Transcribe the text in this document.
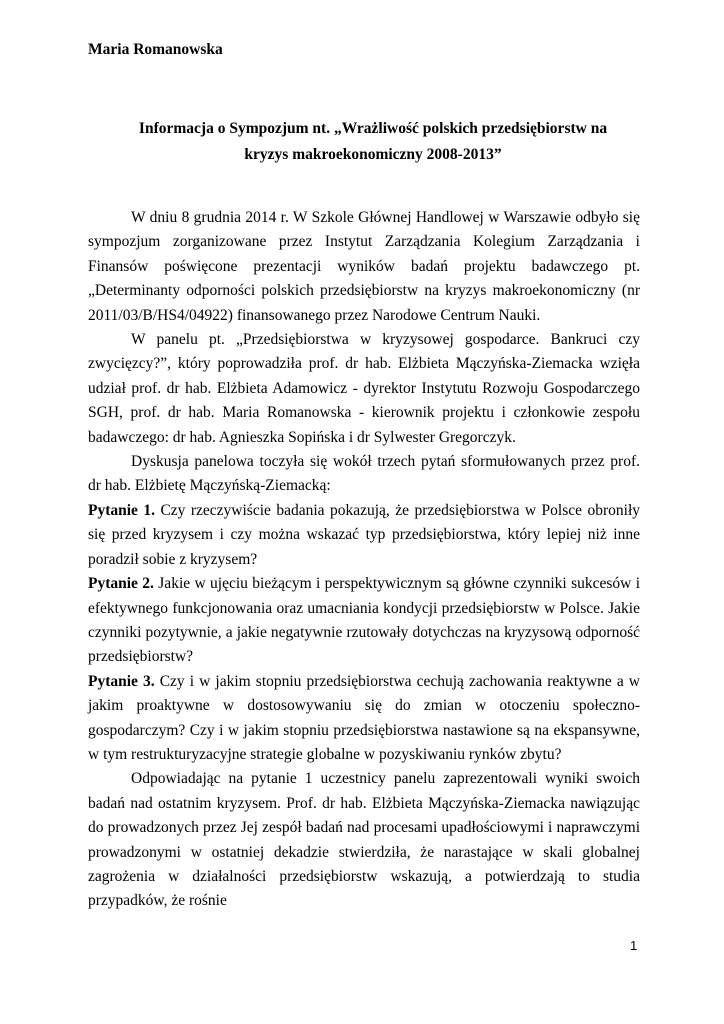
Maria Romanowska
Informacja o Sympozjum nt. „Wrażliwość polskich przedsiębiorstw na kryzys makroekonomiczny 2008-2013”

W dniu 8 grudnia 2014 r. W Szkole Głównej Handlowej w Warszawie odbyło się sympozjum zorganizowane przez Instytut Zarządzania Kolegium Zarządzania i Finansów poświęcone prezentacji wyników badań projektu badawczego pt. „Determinanty odporności polskich przedsiębiorstw na kryzys makroekonomiczny (nr 2011/03/B/HS4/04922) finansowanego przez Narodowe Centrum Nauki.

W panelu pt. „Przedsiębiorstwa w kryzysowej gospodarce. Bankruci czy zwycięzcy?”, który poprowadziła prof. dr hab. Elżbieta Mączyńska-Ziemacka wzięła udział prof. dr hab. Elżbieta Adamowicz - dyrektor Instytutu Rozwoju Gospodarczego SGH, prof. dr hab. Maria Romanowska - kierownik projektu i członkowie zespołu badawczego: dr hab. Agnieszka Sopińska i dr Sylwester Gregorczyk.

Dyskusja panelowa toczyła się wokół trzech pytań sformułowanych przez prof. dr hab. Elżbietę Mączyńską-Ziemacką:

Pytanie 1. Czy rzeczywiście badania pokazują, że przedsiębiorstwa w Polsce obroniły się przed kryzysem i czy można wskazać typ przedsiębiorstwa, który lepiej niż inne poradził sobie z kryzysem?

Pytanie 2. Jakie w ujęciu bieżącym i perspektywicznym są główne czynniki sukcesów i efektywnego funkcjonowania oraz umacniania kondycji przedsiębiorstw w Polsce. Jakie czynniki pozytywnie, a jakie negatywnie rzutowały dotychczas na kryzysową odporność przedsiębiorstw?

Pytanie 3. Czy i w jakim stopniu przedsiębiorstwa cechują zachowania reaktywne a w jakim proaktywne w dostosowywaniu się do zmian w otoczeniu społeczno-gospodarczym? Czy i w jakim stopniu przedsiębiorstwa nastawione są na ekspansywne, w tym restrukturyzacyjne strategie globalne w pozyskiwaniu rynków zbytu?

Odpowiadając na pytanie 1 uczestnicy panelu zaprezentowali wyniki swoich badań nad ostatnim kryzysem. Prof. dr hab. Elżbieta Mączyńska-Ziemacka nawiązując do prowadzonych przez Jej zespół badań nad procesami upadłościowymi i naprawczymi prowadzonymi w ostatniej dekadzie stwierdziła, że narastające w skali globalnej zagrożenia w działalności przedsiębiorstw wskazują, a potwierdzają to studia przypadków, że rośnie

1
